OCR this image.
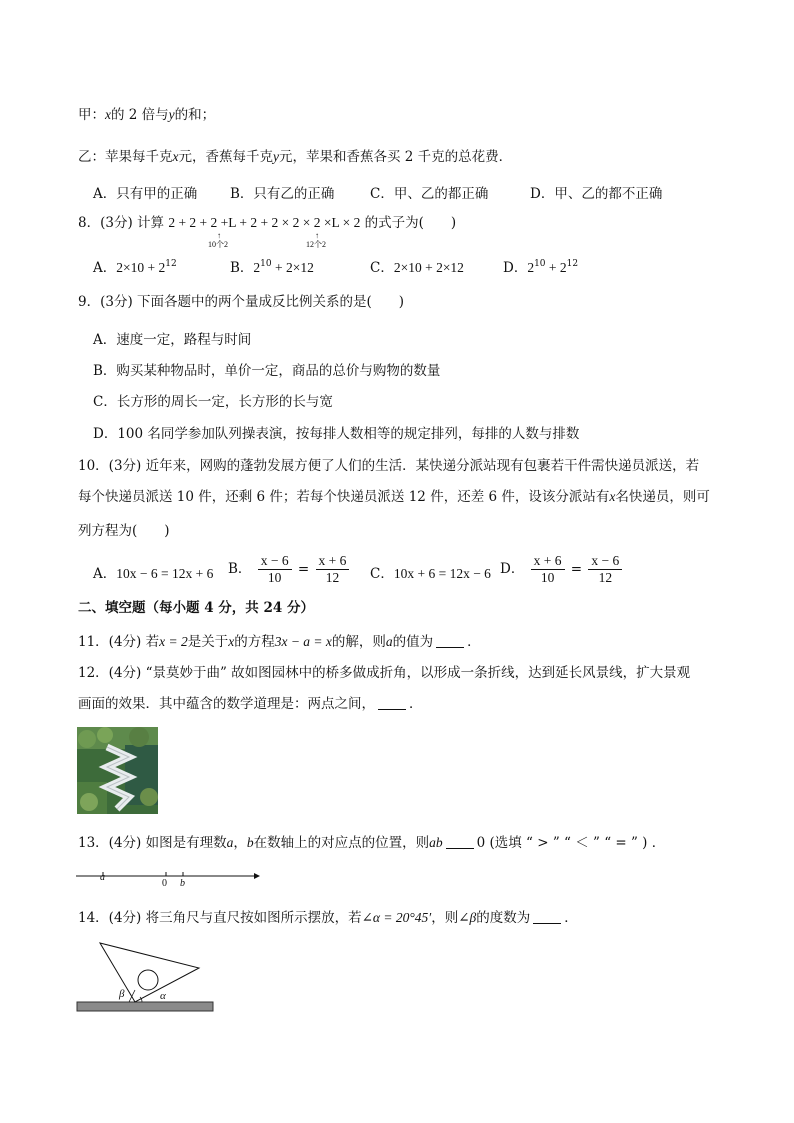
甲：x的 2 倍与y的和；
乙：苹果每千克x元，香蕉每千克y元，苹果和香蕉各买 2 千克的总花费．
A．只有甲的正确 B．只有乙的正确	C．甲、乙的都正确	D．甲、乙的都不正确
8．(3分) 计算 2 + 2 + 2 +L + 2 + 2 × 2 × 2 ×L × 2 的式子为(　　)
↑
10个2
↑
12个2
A．$2\times 10 + 2^{12}$	B．$2^{10} + 2\times 12$	C．2×10 + 2×12	D．$2^{10} + 2^{12}$
9．(3分) 下面各题中的两个量成反比例关系的是(　　)
A．速度一定，路程与时间
B．购买某种物品时，单价一定，商品的总价与购物的数量
C．长方形的周长一定，长方形的长与宽
D．100 名同学参加队列操表演，按每排人数相等的规定排列，每排的人数与排数
10．(3分) 近年来，网购的蓬勃发展方便了人们的生活．某快递分派站现有包裹若干件需快递员派送，若
每个快递员派送 10 件，还剩 6 件；若每个快递员派送 12 件，还差 6 件，设该分派站有x名快递员，则可
列方程为(　　)
A．10x − 6 = 12x + 6 B． $\frac{x - 6}{10} = \frac{x + 6}{12}$ C．10x + 6 = 12x − 6 D． $\frac{x + 6}{10} = \frac{x - 6}{12}$
二、填空题（每小题 4 分，共 24 分）
11．(4分) 若x = 2是关于x的方程3x − a = x的解，则a的值为	．
12．(4分) “景莫妙于曲” 故如图园林中的桥多做成折角，以形成一条折线，达到延长风景线，扩大景观
画面的效果．其中蕴含的数学道理是：两点之间，	．
13．(4分) 如图是有理数a，b在数轴上的对应点的位置，则ab	0 (选填 “ > ” “ ＜ ” “ = ” ) ．
a
0 b
14．(4分) 将三角尺与直尺按如图所示摆放，若∠α = 20°45′，则∠β的度数为	．
β	α
